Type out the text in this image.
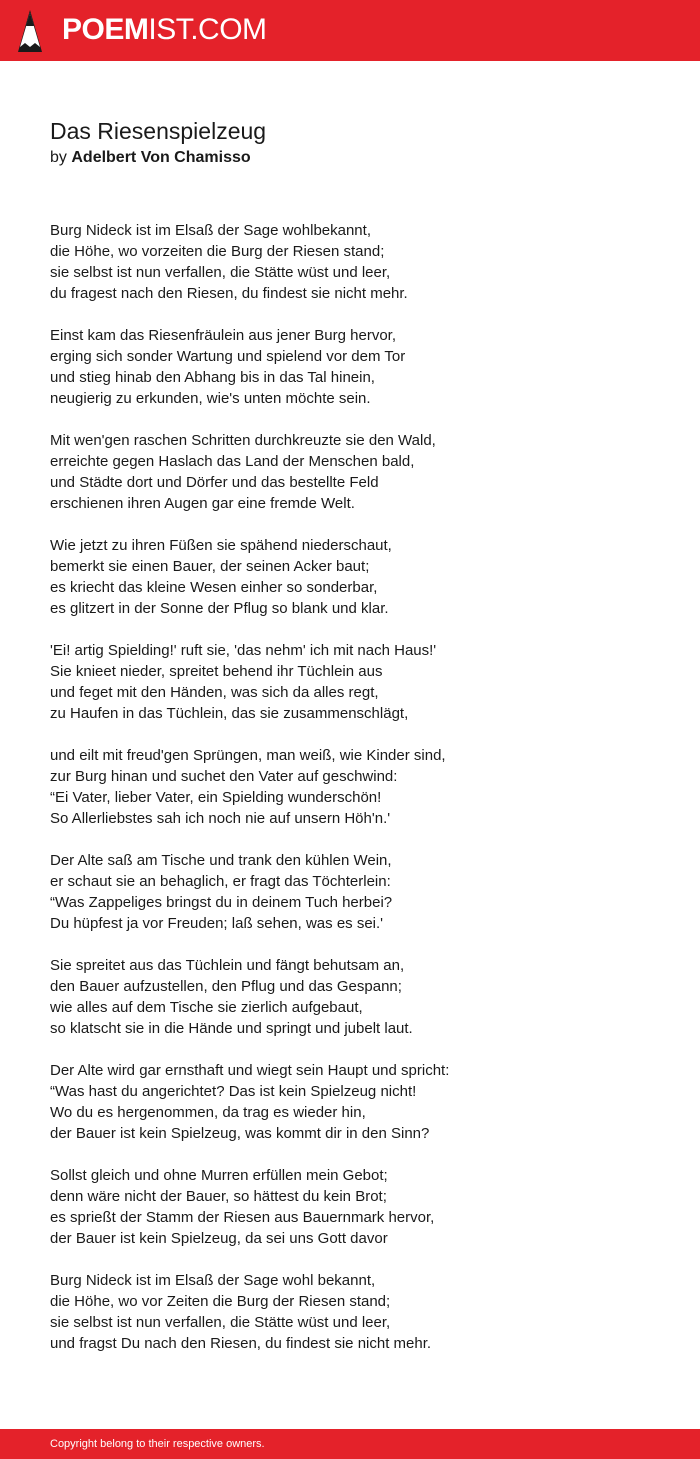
POEMIST.COM
Das Riesenspielzeug
by Adelbert Von Chamisso
Burg Nideck ist im Elsaß der Sage wohlbekannt,
die Höhe, wo vorzeiten die Burg der Riesen stand;
sie selbst ist nun verfallen, die Stätte wüst und leer,
du fragest nach den Riesen, du findest sie nicht mehr.
Einst kam das Riesenfräulein aus jener Burg hervor,
erging sich sonder Wartung und spielend vor dem Tor
und stieg hinab den Abhang bis in das Tal hinein,
neugierig zu erkunden, wie's unten möchte sein.
Mit wen'gen raschen Schritten durchkreuzte sie den Wald,
erreichte gegen Haslach das Land der Menschen bald,
und Städte dort und Dörfer und das bestellte Feld
erschienen ihren Augen gar eine fremde Welt.
Wie jetzt zu ihren Füßen sie spähend niederschaut,
bemerkt sie einen Bauer, der seinen Acker baut;
es kriecht das kleine Wesen einher so sonderbar,
es glitzert in der Sonne der Pflug so blank und klar.
'Ei! artig Spielding!' ruft sie, 'das nehm' ich mit nach Haus!'
Sie knieet nieder, spreitet behend ihr Tüchlein aus
und feget mit den Händen, was sich da alles regt,
zu Haufen in das Tüchlein, das sie zusammenschlägt,
und eilt mit freud'gen Sprüngen, man weiß, wie Kinder sind,
zur Burg hinan und suchet den Vater auf geschwind:
“Ei Vater, lieber Vater, ein Spielding wunderschön!
So Allerliebstes sah ich noch nie auf unsern Höh'n.'
Der Alte saß am Tische und trank den kühlen Wein,
er schaut sie an behaglich, er fragt das Töchterlein:
“Was Zappeliges bringst du in deinem Tuch herbei?
Du hüpfest ja vor Freuden; laß sehen, was es sei.'
Sie spreitet aus das Tüchlein und fängt behutsam an,
den Bauer aufzustellen, den Pflug und das Gespann;
wie alles auf dem Tische sie zierlich aufgebaut,
so klatscht sie in die Hände und springt und jubelt laut.
Der Alte wird gar ernsthaft und wiegt sein Haupt und spricht:
“Was hast du angerichtet? Das ist kein Spielzeug nicht!
Wo du es hergenommen, da trag es wieder hin,
der Bauer ist kein Spielzeug, was kommt dir in den Sinn?
Sollst gleich und ohne Murren erfüllen mein Gebot;
denn wäre nicht der Bauer, so hättest du kein Brot;
es sprießt der Stamm der Riesen aus Bauernmark hervor,
der Bauer ist kein Spielzeug, da sei uns Gott davor
Burg Nideck ist im Elsaß der Sage wohl bekannt,
die Höhe, wo vor Zeiten die Burg der Riesen stand;
sie selbst ist nun verfallen, die Stätte wüst und leer,
und fragst Du nach den Riesen, du findest sie nicht mehr.
Copyright belong to their respective owners.
